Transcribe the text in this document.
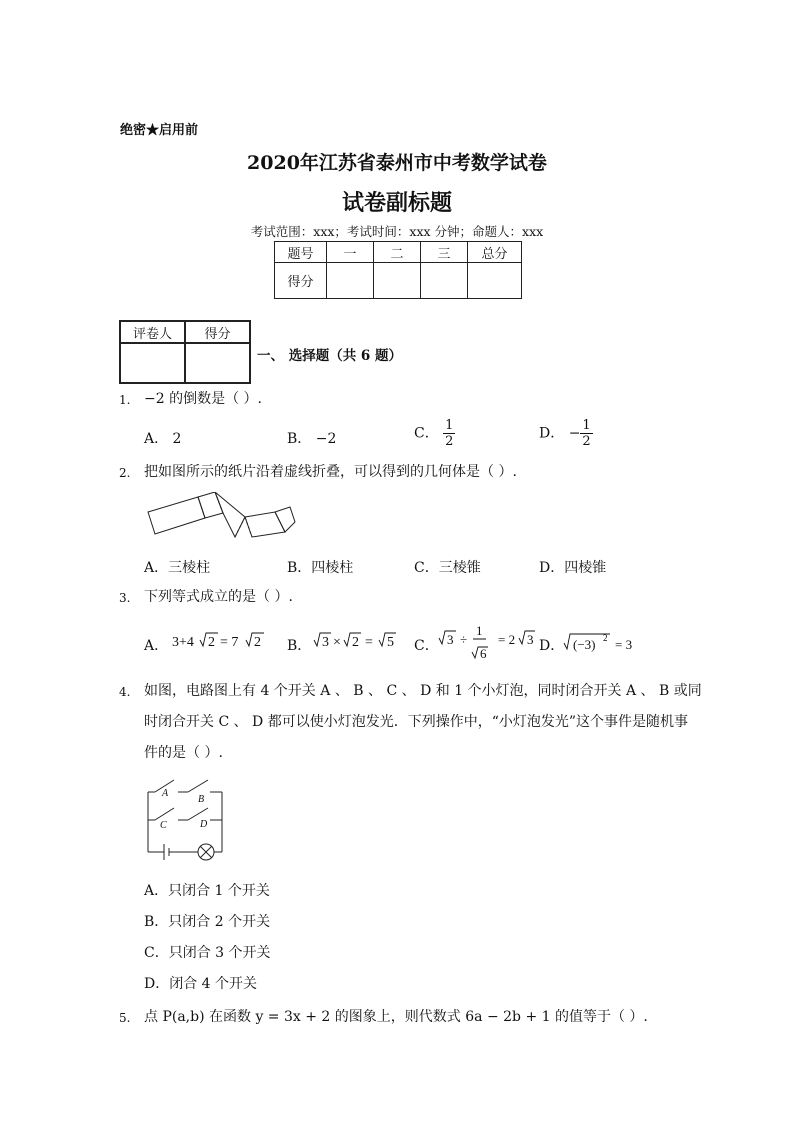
绝密★启用前
2020年江苏省泰州市中考数学试卷
试卷副标题
考试范围：xxx；考试时间：xxx 分钟；命题人：xxx
题号	一	二	三	总分
得分				
评卷人	得分

一、 选择题（共 6 题）
1. −2 的倒数是（ ）.
A． 2	B． −2	C． $\frac{1}{2}$	D． − $\frac{1}{2}$
2. 把如图所示的纸片沿着虚线折叠，可以得到的几何体是（ ）.
A．三棱柱	B．四棱柱	C．三棱锥	D．四棱锥
3. 下列等式成立的是（ ）.
A． 3+4 2 = 7 2 B． 3 × 2 = 5 C． 3 ÷
1
6
= 2 3 D． (−3) 2 = 3
4. 如图，电路图上有 4 个开关 A 、 B 、 C 、 D 和 1 个小灯泡，同时闭合开关 A 、 B 或同
时闭合开关 C 、 D 都可以使小灯泡发光．下列操作中，“小灯泡发光”这个事件是随机事
件的是（ ）.
A
B
C	D
A．只闭合 1 个开关
B．只闭合 2 个开关
C．只闭合 3 个开关
D．闭合 4 个开关
5. 点 P(a,b) 在函数 y = 3x + 2 的图象上，则代数式 6a − 2b + 1 的值等于（ ）.
